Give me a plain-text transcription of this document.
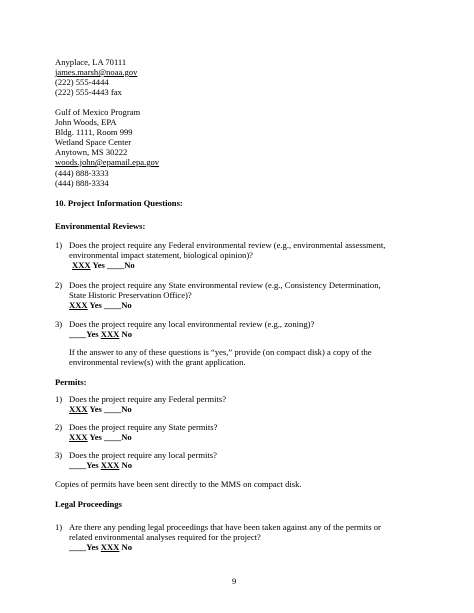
Anyplace, LA 70111
james.marsh@noaa.gov
(222) 555-4444
(222) 555-4443 fax
Gulf of Mexico Program
John Woods, EPA
Bldg. 1111, Room 999
Wetland Space Center
Anytown, MS 30222
woods.john@epamail.epa.gov
(444) 888-3333
(444) 888-3334
10. Project Information Questions:
Environmental Reviews:
1) Does the project require any Federal environmental review (e.g., environmental assessment,
environmental impact statement, biological opinion)?
XXX Yes ____No
2) Does the project require any State environmental review (e.g., Consistency Determination,
State Historic Preservation Office)?
XXX Yes ____No
3) Does the project require any local environmental review (e.g., zoning)?
____Yes XXX No
If the answer to any of these questions is “yes,” provide (on compact disk) a copy of the
environmental review(s) with the grant application.
Permits:
1) Does the project require any Federal permits?
XXX Yes ____No
2) Does the project require any State permits?
XXX Yes ____No
3) Does the project require any local permits?
____Yes XXX No
Copies of permits have been sent directly to the MMS on compact disk.
Legal Proceedings
1) Are there any pending legal proceedings that have been taken against any of the permits or
related environmental analyses required for the project?
____Yes XXX No
9
